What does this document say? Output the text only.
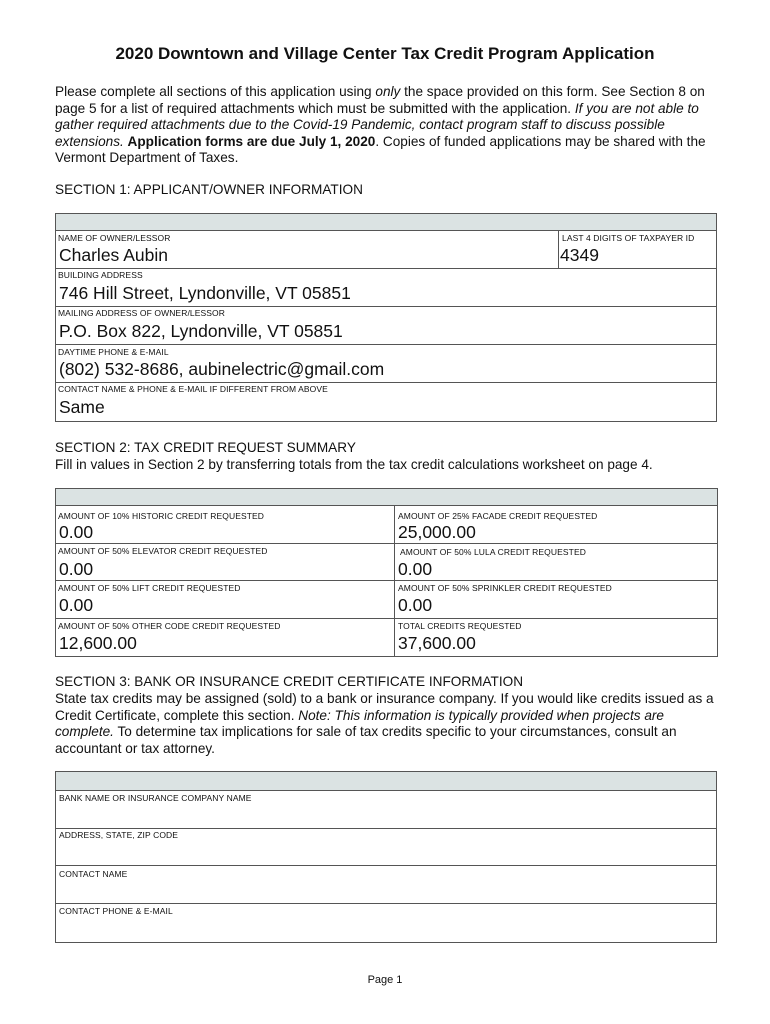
2020 Downtown and Village Center Tax Credit Program Application

Please complete all sections of this application using only the space provided on this form. See Section 8 on page 5 for a list of required attachments which must be submitted with the application. If you are not able to gather required attachments due to the Covid-19 Pandemic, contact program staff to discuss possible extensions. Application forms are due July 1, 2020. Copies of funded applications may be shared with the Vermont Department of Taxes.

SECTION 1: APPLICANT/OWNER INFORMATION
NAME OF OWNER/LESSOR
Charles Aubin
LAST 4 DIGITS OF TAXPAYER ID
4349
BUILDING ADDRESS
746 Hill Street, Lyndonville, VT 05851
MAILING ADDRESS OF OWNER/LESSOR
P.O. Box 822, Lyndonville, VT 05851
DAYTIME PHONE & E-MAIL
(802) 532-8686, aubinelectric@gmail.com
CONTACT NAME & PHONE & E-MAIL IF DIFFERENT FROM ABOVE
Same
SECTION 2: TAX CREDIT REQUEST SUMMARY
Fill in values in Section 2 by transferring totals from the tax credit calculations worksheet on page 4.
AMOUNT OF 10% HISTORIC CREDIT REQUESTED
0.00
AMOUNT OF 25% FACADE CREDIT REQUESTED
25,000.00
AMOUNT OF 50% ELEVATOR CREDIT REQUESTED
0.00
AMOUNT OF 50% LULA CREDIT REQUESTED
0.00
AMOUNT OF 50% LIFT CREDIT REQUESTED
0.00
AMOUNT OF 50% SPRINKLER CREDIT REQUESTED
0.00
AMOUNT OF 50% OTHER CODE CREDIT REQUESTED
12,600.00
TOTAL CREDITS REQUESTED
37,600.00
SECTION 3: BANK OR INSURANCE CREDIT CERTIFICATE INFORMATION

State tax credits may be assigned (sold) to a bank or insurance company. If you would like credits issued as a Credit Certificate, complete this section. Note: This information is typically provided when projects are complete. To determine tax implications for sale of tax credits specific to your circumstances, consult an accountant or tax attorney.

BANK NAME OR INSURANCE COMPANY NAME
ADDRESS, STATE, ZIP CODE
CONTACT NAME
CONTACT PHONE & E-MAIL
Page 1
